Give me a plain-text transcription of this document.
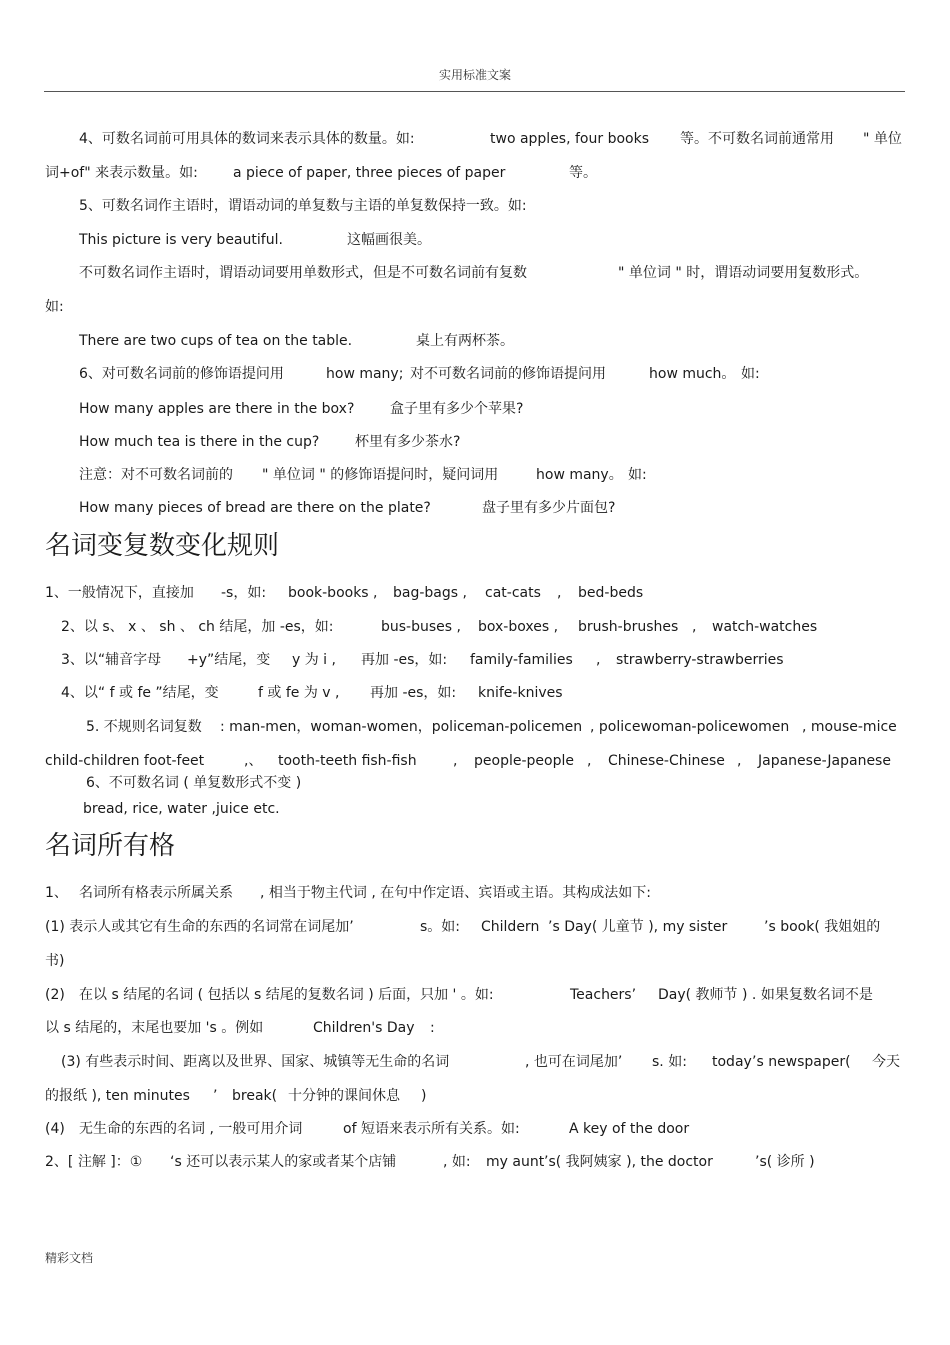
实用标准文案
4、可数名词前可用具体的数词来表示具体的数量。如:	two apples, four books 等。不可数名词前通常用 " 单位
词+of" 来表示数量。如:	a piece of paper, three pieces of paper	等。
5、可数名词作主语时，谓语动词的单复数与主语的单复数保持一致。如:
This picture is very beautiful.	这幅画很美。
不可数名词作主语时，谓语动词要用单数形式，但是不可数名词前有复数	" 单位词 " 时，谓语动词要用复数形式。
如:
There are two cups of tea on the table.	桌上有两杯茶。
6、对可数名词前的修饰语提问用	how many; 对不可数名词前的修饰语提问用	how much。 如:
How many apples are there in the box?	盒子里有多少个苹果?
How much tea is there in the cup?	杯里有多少茶水?
注意：对不可数名词前的 " 单位词 " 的修饰语提问时，疑问词用	how many。 如:
How many pieces of bread are there on the plate?	盘子里有多少片面包?
名词变复数变化规则
1、一般情况下，直接加 -s，如: book-books , bag-bags , cat-cats , bed-beds
2、以 s、 x 、 sh 、 ch 结尾，加 -es，如:	bus-buses , box-boxes , brush-brushes , watch-watches
3、以“辅音字母 +y”结尾，变 y 为 i , 再加 -es，如: family-families , strawberry-strawberries
4、以“ f 或 fe ”结尾，变	f 或 fe 为 v , 再加 -es，如: knife-knives
5. 不规则名词复数 : man-men，woman-women，policeman-policemen , policewoman-policewomen , mouse-mice
child-children foot-feet	,、 tooth-teeth fish-fish	, people-people , Chinese-Chinese , Japanese-Japanese
6、不可数名词 ( 单复数形式不变 )
bread, rice, water ,juice etc.
名词所有格
1、 名词所有格表示所属关系 , 相当于物主代词 , 在句中作定语、宾语或主语。其构成法如下:
(1) 表示人或其它有生命的东西的名词常在词尾加’	s。如: Childern ’s Day( 儿童节 ), my sister	’s book( 我姐姐的
书)
(2) 在以 s 结尾的名词 ( 包括以 s 结尾的复数名词 ) 后面，只加 ' 。如:	Teachers’ Day( 教师节 ) . 如果复数名词不是
以 s 结尾的，末尾也要加 's 。例如	Children's Day :
(3) 有些表示时间、距离以及世界、国家、城镇等无生命的名词	, 也可在词尾加’ s. 如: today ’s newspaper( 今天
的报纸 ), ten minutes ’ break( 十分钟的课间休息 )
(4) 无生命的东西的名词 , 一般可用介词	of 短语来表示所有关系。如:	A key of the door
2、[ 注解 ]：① ‘s 还可以表示某人的家或者某个店铺	, 如: my aunt ’s( 我阿姨家 ), the doctor	’s( 诊所 )
精彩文档
